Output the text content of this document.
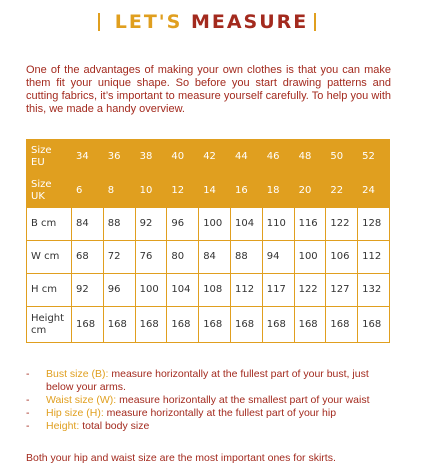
LET'S MEASURE

One of the advantages of making your own clothes is that you can make them fit your unique shape. So before you start drawing patterns and cutting fabrics, it’s important to measure yourself carefully. To help you with this, we made a handy overview.

Size EU	34	36	38	40	42	44	46	48	50	52
Size UK	6	8	10	12	14	16	18	20	22	24
B cm	84	88	92	96	100	104	110	116	122	128
W cm	68	72	76	80	84	88	94	100	106	112
H cm	92	96	100	104	108	112	117	122	127	132
Height cm	168	168	168	168	168	168	168	168	168	168
- Bust size (B): measure horizontally at the fullest part of your bust, just below your arms.
- Waist size (W): measure horizontally at the smallest part of your waist
- Hip size (H): measure horizontally at the fullest part of your hip
- Height: total body size

Both your hip and waist size are the most important ones for skirts.
